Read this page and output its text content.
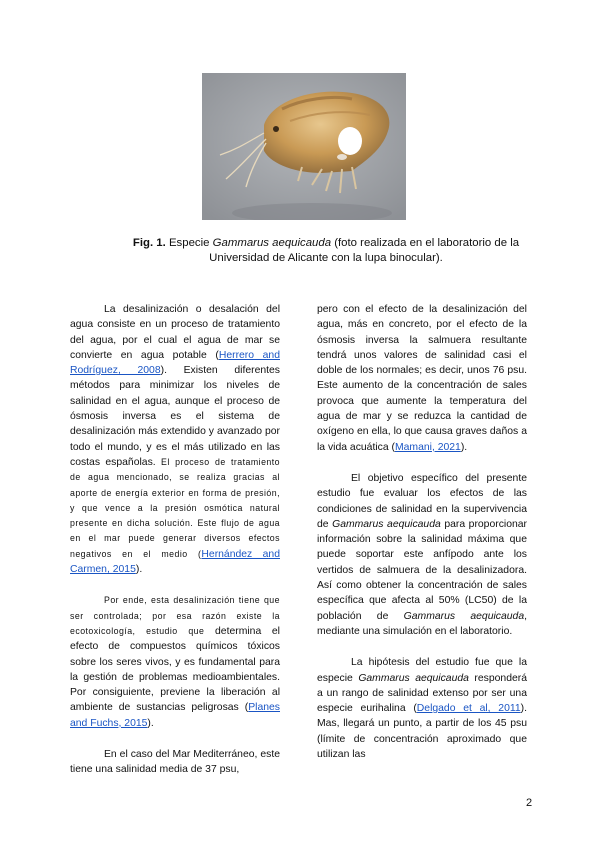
Fig. 1. Especie Gammarus aequicauda (foto realizada en el laboratorio de la Universidad de Alicante con la lupa binocular).

La desalinización o desalación del agua consiste en un proceso de tratamiento del agua, por el cual el agua de mar se convierte en agua potable (Herrero and Rodríguez, 2008). Existen diferentes métodos para minimizar los niveles de salinidad en el agua, aunque el proceso de ósmosis inversa es el sistema de desalinización más extendido y avanzado por todo el mundo, y es el más utilizado en las costas españolas. El proceso de tratamiento de agua mencionado, se realiza gracias al aporte de energía exterior en forma de presión, y que vence a la presión osmótica natural presente en dicha solución. Este flujo de agua en el mar puede generar diversos efectos negativos en el medio (Hernández and Carmen, 2015).

Por ende, esta desalinización tiene que ser controlada; por esa razón existe la ecotoxicología, estudio que determina el efecto de compuestos químicos tóxicos sobre los seres vivos, y es fundamental para la gestión de problemas medioambientales. Por consiguiente, previene la liberación al ambiente de sustancias peligrosas (Planes and Fuchs, 2015).

En el caso del Mar Mediterráneo, este tiene una salinidad media de 37 psu,

pero con el efecto de la desalinización del agua, más en concreto, por el efecto de la ósmosis inversa la salmuera resultante tendrá unos valores de salinidad casi el doble de los normales; es decir, unos 76 psu. Este aumento de la concentración de sales provoca que aumente la temperatura del agua de mar y se reduzca la cantidad de oxígeno en ella, lo que causa graves daños a la vida acuática (Mamani, 2021).

El objetivo específico del presente estudio fue evaluar los efectos de las condiciones de salinidad en la supervivencia de Gammarus aequicauda para proporcionar información sobre la salinidad máxima que puede soportar este anfípodo ante los vertidos de salmuera de la desalinizadora. Así como obtener la concentración de sales específica que afecta al 50% (LC50) de la población de Gammarus aequicauda, mediante una simulación en el laboratorio.

La hipótesis del estudio fue que la especie Gammarus aequicauda responderá a un rango de salinidad extenso por ser una especie eurihalina (Delgado et al, 2011). Mas, llegará un punto, a partir de los 45 psu (límite de concentración aproximado que utilizan las

2
